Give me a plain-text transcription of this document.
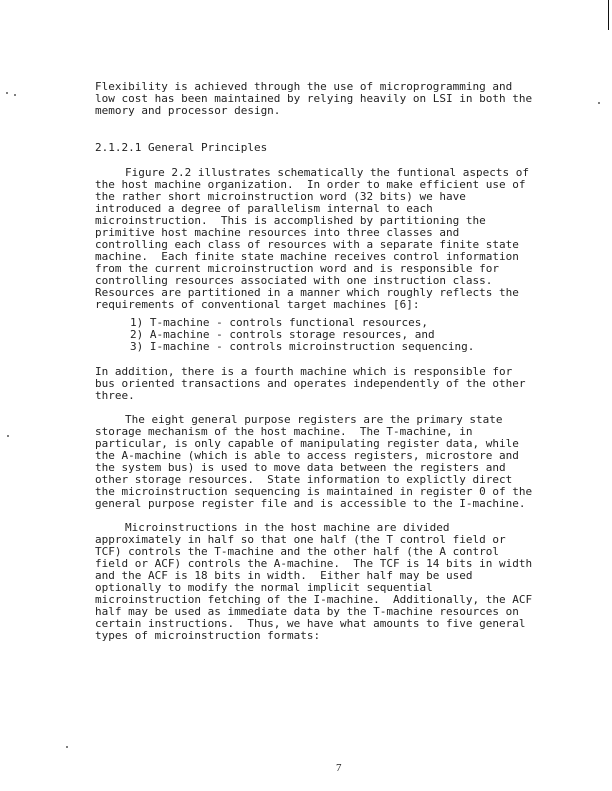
Flexibility is achieved through the use of microprogramming and
low cost has been maintained by relying heavily on LSI in both the
memory and processor design.
2.1.2.1 General Principles
Figure 2.2 illustrates schematically the funtional aspects of
the host machine organization.  In order to make efficient use of
the rather short microinstruction word (32 bits) we have
introduced a degree of parallelism internal to each
microinstruction.  This is accomplished by partitioning the
primitive host machine resources into three classes and
controlling each class of resources with a separate finite state
machine.  Each finite state machine receives control information
from the current microinstruction word and is responsible for
controlling resources associated with one instruction class.
Resources are partitioned in a manner which roughly reflects the
requirements of conventional target machines [6]:
1) T-machine - controls functional resources,
2) A-machine - controls storage resources, and
3) I-machine - controls microinstruction sequencing.
In addition, there is a fourth machine which is responsible for
bus oriented transactions and operates independently of the other
three.
The eight general purpose registers are the primary state
storage mechanism of the host machine.  The T-machine, in
particular, is only capable of manipulating register data, while
the A-machine (which is able to access registers, microstore and
the system bus) is used to move data between the registers and
other storage resources.  State information to explictly direct
the microinstruction sequencing is maintained in register 0 of the
general purpose register file and is accessible to the I-machine.
Microinstructions in the host machine are divided
approximately in half so that one half (the T control field or
TCF) controls the T-machine and the other half (the A control
field or ACF) controls the A-machine.  The TCF is 14 bits in width
and the ACF is 18 bits in width.  Either half may be used
optionally to modify the normal implicit sequential
microinstruction fetching of the I-machine.  Additionally, the ACF
half may be used as immediate data by the T-machine resources on
certain instructions.  Thus, we have what amounts to five general
types of microinstruction formats:
7
